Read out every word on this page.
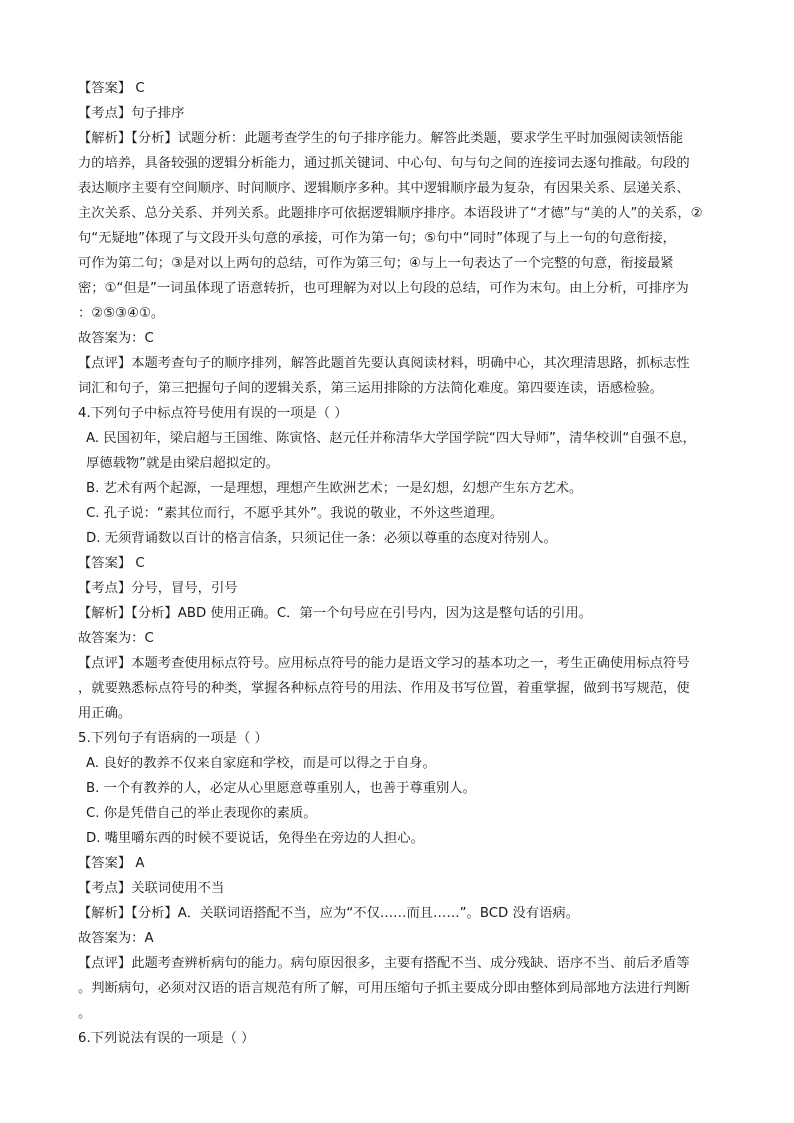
【答案】 C
【考点】句子排序
【解析】【分析】试题分析：此题考查学生的句子排序能力。解答此类题，要求学生平时加强阅读领悟能
力的培养，具备较强的逻辑分析能力，通过抓关键词、中心句、句与句之间的连接词去逐句推敲。句段的
表达顺序主要有空间顺序、时间顺序、逻辑顺序多种。其中逻辑顺序最为复杂，有因果关系、层递关系、
主次关系、总分关系、并列关系。此题排序可依据逻辑顺序排序。本语段讲了“才德”与“美的人”的关系，②
句“无疑地”体现了与文段开头句意的承接，可作为第一句；⑤句中“同时”体现了与上一句的句意衔接，
可作为第二句；③是对以上两句的总结，可作为第三句；④与上一句表达了一个完整的句意，衔接最紧
密；①“但是”一词虽体现了语意转折，也可理解为对以上句段的总结，可作为末句。由上分析，可排序为
：②⑤③④①。
故答案为：C
【点评】本题考查句子的顺序排列，解答此题首先要认真阅读材料，明确中心，其次理清思路，抓标志性
词汇和句子，第三把握句子间的逻辑关系，第三运用排除的方法简化难度。第四要连读，语感检验。
4.下列句子中标点符号使用有误的一项是（ ）
A. 民国初年，梁启超与王国维、陈寅恪、赵元任并称清华大学国学院“四大导师”，清华校训“自强不息，
厚德载物”就是由梁启超拟定的。
B. 艺术有两个起源，一是理想，理想产生欧洲艺术；一是幻想，幻想产生东方艺术。
C. 孔子说：“素其位而行，不愿乎其外”。我说的敬业，不外这些道理。
D. 无须背诵数以百计的格言信条，只须记住一条：必须以尊重的态度对待别人。
【答案】 C
【考点】分号，冒号，引号
【解析】【分析】ABD 使用正确。C．第一个句号应在引号内，因为这是整句话的引用。
故答案为：C
【点评】本题考查使用标点符号。应用标点符号的能力是语文学习的基本功之一，考生正确使用标点符号
，就要熟悉标点符号的种类，掌握各种标点符号的用法、作用及书写位置，着重掌握，做到书写规范，使
用正确。
5.下列句子有语病的一项是（ ）
A. 良好的教养不仅来自家庭和学校，而是可以得之于自身。
B. 一个有教养的人，必定从心里愿意尊重别人，也善于尊重别人。
C. 你是凭借自己的举止表现你的素质。
D. 嘴里嚼东西的时候不要说话，免得坐在旁边的人担心。
【答案】 A
【考点】关联词使用不当
【解析】【分析】A．关联词语搭配不当，应为“不仅……而且……”。BCD 没有语病。
故答案为：A
【点评】此题考查辨析病句的能力。病句原因很多，主要有搭配不当、成分残缺、语序不当、前后矛盾等
。判断病句，必须对汉语的语言规范有所了解，可用压缩句子抓主要成分即由整体到局部地方法进行判断
。
6.下列说法有误的一项是（ ）
